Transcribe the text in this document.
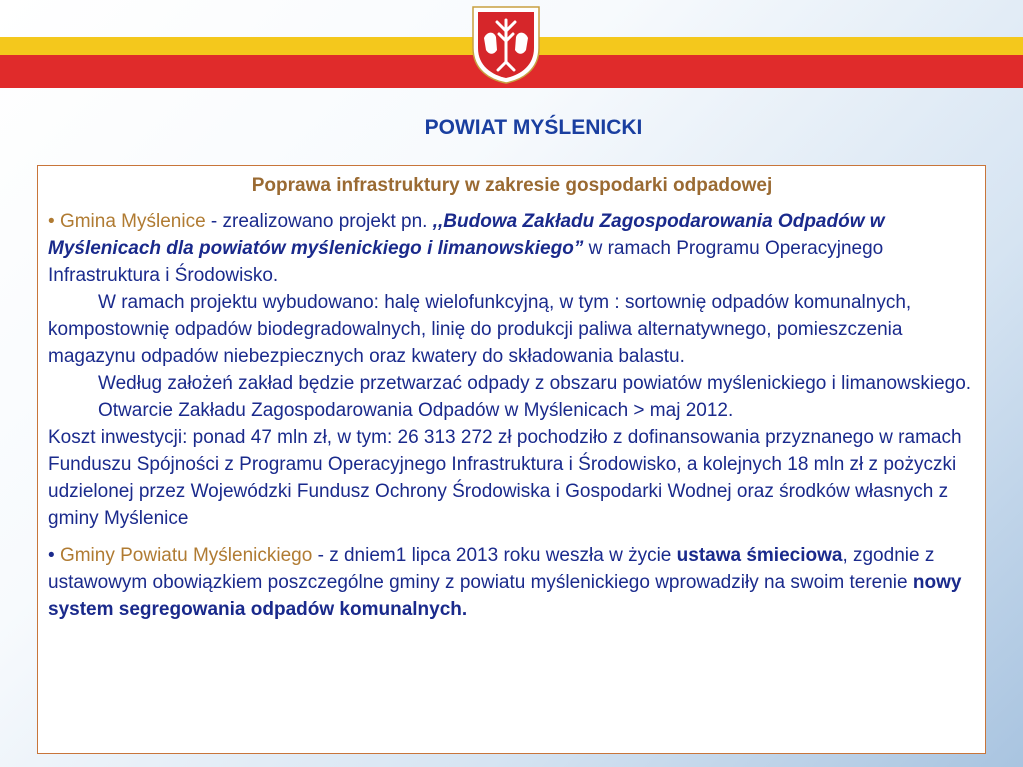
POWIAT MYŚLENICKI

Poprawa infrastruktury w zakresie gospodarki odpadowej

• Gmina Myślenice - zrealizowano projekt pn. ,,Budowa Zakładu Zagospodarowania Odpadów w Myślenicach dla powiatów myślenickiego i limanowskiego” w ramach Programu Operacyjnego Infrastruktura i Środowisko.

W ramach projektu wybudowano: halę wielofunkcyjną, w tym : sortownię odpadów komunalnych, kompostownię odpadów biodegradowalnych, linię do produkcji paliwa alternatywnego, pomieszczenia magazynu odpadów niebezpiecznych oraz kwatery do składowania balastu.

Według założeń zakład będzie przetwarzać odpady z obszaru powiatów myślenickiego i limanowskiego.

Otwarcie Zakładu Zagospodarowania Odpadów w Myślenicach > maj 2012.

Koszt inwestycji: ponad 47 mln zł, w tym: 26 313 272 zł pochodziło z dofinansowania przyznanego w ramach Funduszu Spójności z Programu Operacyjnego Infrastruktura i Środowisko, a kolejnych 18 mln zł z pożyczki udzielonej przez Wojewódzki Fundusz Ochrony Środowiska i Gospodarki Wodnej oraz środków własnych z gminy Myślenice

• Gminy Powiatu Myślenickiego - z dniem1 lipca 2013 roku weszła w życie ustawa śmieciowa, zgodnie z ustawowym obowiązkiem poszczególne gminy z powiatu myślenickiego wprowadziły na swoim terenie nowy system segregowania odpadów komunalnych.
